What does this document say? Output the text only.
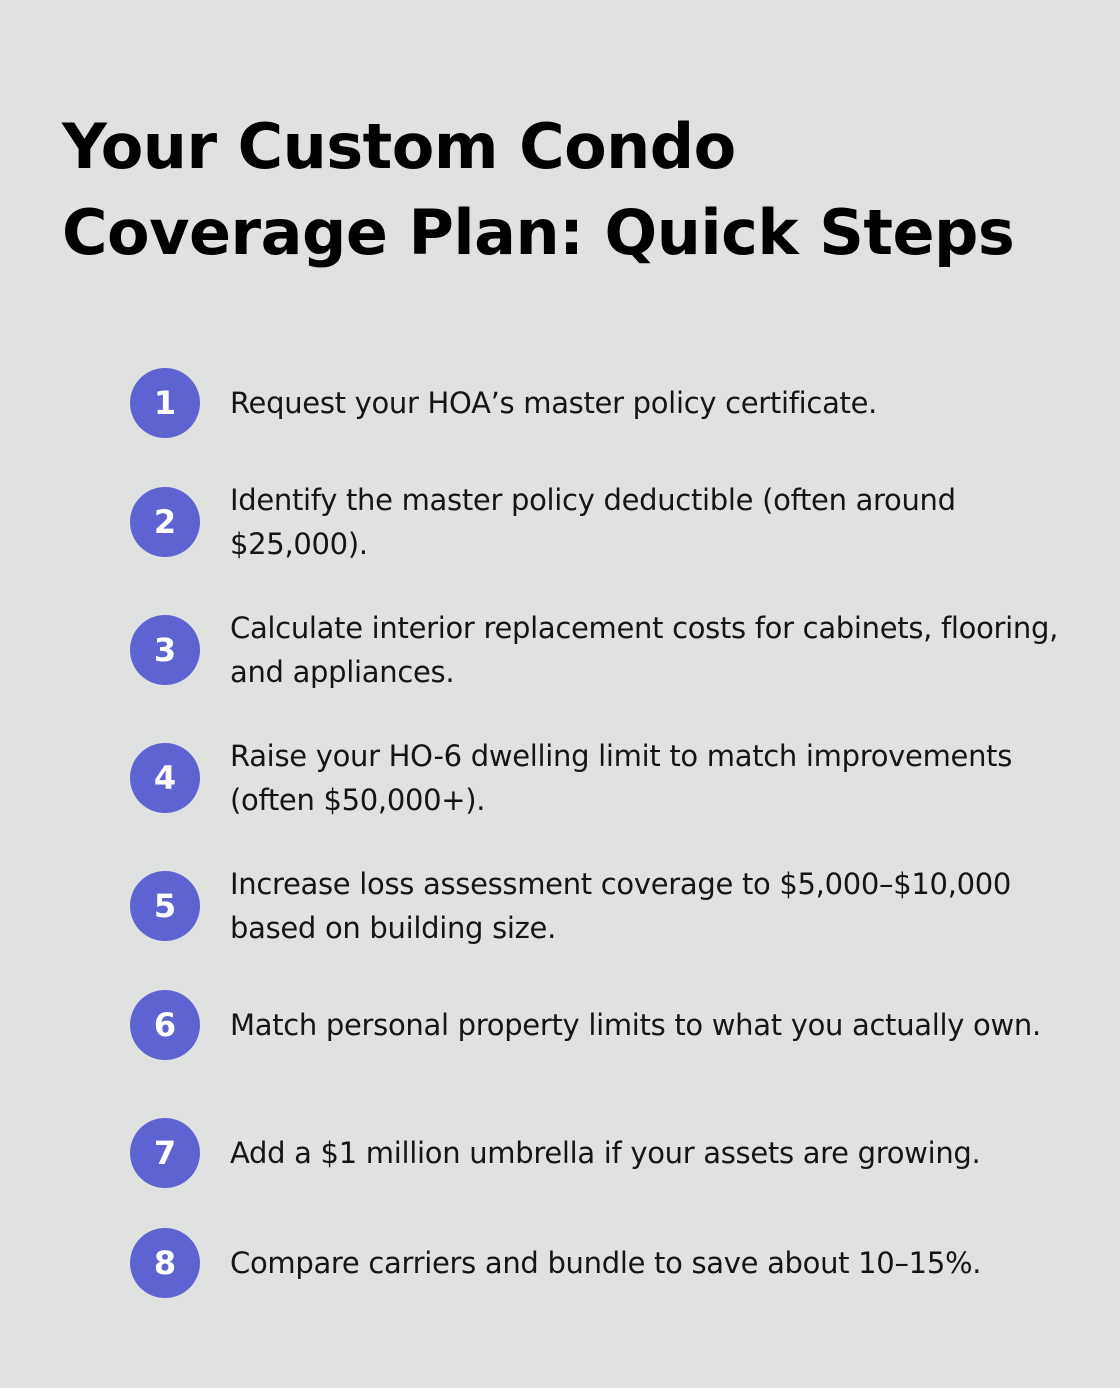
Your Custom Condo Coverage Plan: Quick Steps
1	Request your HOA’s master policy certificate.
2
Identify the master policy deductible (often around $25,000).
3
Calculate interior replacement costs for cabinets, flooring, and appliances.
4
Raise your HO-6 dwelling limit to match improvements (often $50,000+).
5
Increase loss assessment coverage to $5,000–$10,000 based on building size.
6	Match personal property limits to what you actually own.
7	Add a $1 million umbrella if your assets are growing.
8	Compare carriers and bundle to save about 10–15%.
